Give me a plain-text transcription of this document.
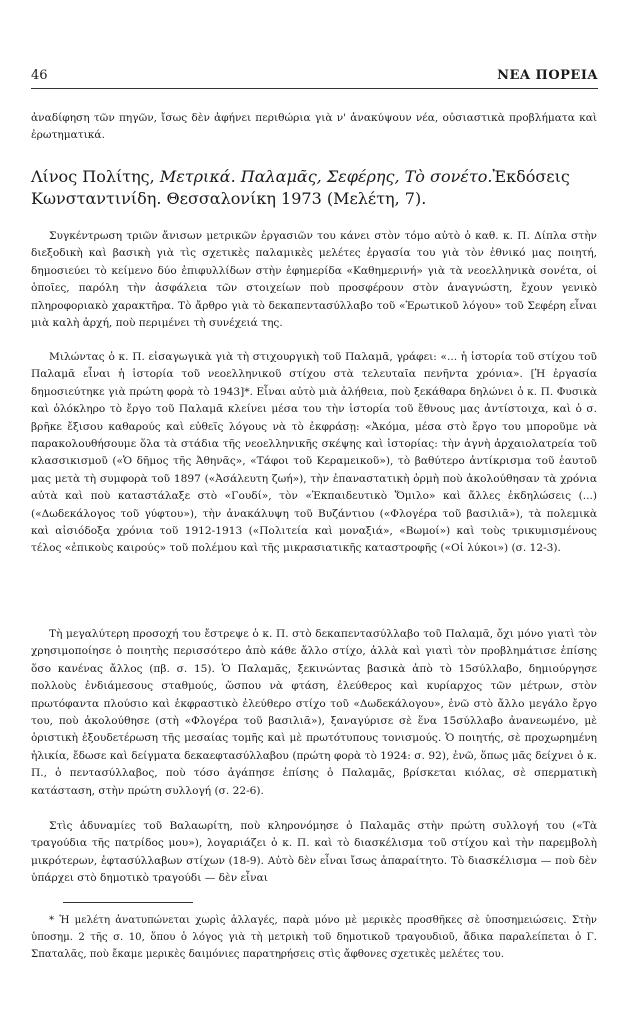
46	ΝΕΑ ΠΟΡΕΙΑ

ἀναδίφηση τῶν πηγῶν, ἴσως δὲν ἀφήνει περιθώρια γιὰ ν' ἀνακύψουν νέα, οὐσιαστικὰ προβλήματα καὶ ἐρωτηματικά.

Λίνος Πολίτης, Μετρικά. Παλαμᾶς, Σεφέρης, Τὸ σονέτο.Ἐκδόσεις Κωνσταντινίδη. Θεσσαλονίκη 1973 (Μελέτη, 7).

Συγκέντρωση τριῶν ἄνισων μετρικῶν ἐργασιῶν του κάνει στὸν τόμο αὐτὸ ὁ καθ. κ. Π. Δίπλα στὴν διεξοδικὴ καὶ βασικὴ γιὰ τὶς σχετικὲς παλαμικὲς μελέτες ἐργασία του γιὰ τὸν ἐθνικό μας ποιητή, δημοσιεύει τὸ κείμενο δύο ἐπιφυλλίδων στὴν ἐφημερίδα «Καθημερινή» γιὰ τὰ νεοελληνικὰ σονέτα, οἱ ὁποῖες, παρόλη τὴν ἀσφάλεια τῶν στοιχείων ποὺ προσφέρουν στὸν ἀναγνώστη, ἔχουν γενικὸ πληροφοριακὸ χαρακτῆρα. Τὸ ἄρθρο γιὰ τὸ δεκαπεντασύλλαβο τοῦ «Ἐρωτικοῦ λόγου» τοῦ Σεφέρη εἶναι μιὰ καλὴ ἀρχή, ποὺ περιμένει τὴ συνέχειά της.

Μιλώντας ὁ κ. Π. εἰσαγωγικὰ γιὰ τὴ στιχουργικὴ τοῦ Παλαμᾶ, γράφει: «... ἡ ἱστορία τοῦ στίχου τοῦ Παλαμᾶ εἶναι ἡ ἱστορία τοῦ νεοελληνικοῦ στίχου στὰ τελευταῖα πενῆντα χρόνια». [Ἡ ἐργασία δημοσιεύτηκε γιὰ πρώτη φορὰ τὸ 1943]*. Εἶναι αὐτὸ μιὰ ἀλήθεια, ποὺ ξεκάθαρα δηλώνει ὁ κ. Π. Φυσικὰ καὶ ὁλόκληρο τὸ ἔργο τοῦ Παλαμᾶ κλείνει μέσα του τὴν ἱστορία τοῦ ἔθνους μας ἀντίστοιχα, καὶ ὁ σ. βρῆκε ἔξισου καθαρούς καὶ εὐθεῖς λόγους νὰ τὸ ἐκφράσῃ: «Ἀκόμα, μέσα στὸ ἔργο του μποροῦμε νὰ παρακολουθήσουμε ὅλα τὰ στάδια τῆς νεοελληνικῆς σκέψης καὶ ἱστορίας: τὴν ἁγνὴ ἀρχαιολατρεία τοῦ κλασσικισμοῦ («Ὁ δῆμος τῆς Ἀθηνᾶς», «Τάφοι τοῦ Κεραμεικοῦ»), τὸ βαθύτερο ἀντίκρισμα τοῦ ἑαυτοῦ μας μετὰ τὴ συμφορὰ τοῦ 1897 («Ἀσάλευτη ζωή»), τὴν ἐπαναστατικὴ ὁρμὴ ποὺ ἀκολούθησαν τὰ χρόνια αὐτὰ καὶ ποὺ καταστάλαξε στὸ «Γουδί», τὸν «Ἐκπαιδευτικὸ Ὅμιλο» καὶ ἄλλες ἐκδηλώσεις (...) («Δωδεκάλογος τοῦ γύφτου»), τὴν ἀνακάλυψη τοῦ Βυζάντιου («Φλογέρα τοῦ βασιλιᾶ»), τὰ πολεμικὰ καὶ αἰσιόδοξα χρόνια τοῦ 1912-1913 («Πολιτεία καὶ μοναξιά», «Βωμοί») καὶ τοὺς τρικυμισμένους τέλος «ἐπικοὺς καιρούς» τοῦ πολέμου καὶ τῆς μικρασιατικῆς καταστροφῆς («Οἱ λύκοι») (σ. 12-3).

Τὴ μεγαλύτερη προσοχή του ἔστρεψε ὁ κ. Π. στὸ δεκαπεντασύλλαβο τοῦ Παλαμᾶ, ὄχι μόνο γιατὶ τὸν χρησιμοποίησε ὁ ποιητὴς περισσότερο ἀπὸ κάθε ἄλλο στίχο, ἀλλὰ καὶ γιατὶ τὸν προβλημάτισε ἐπίσης ὅσο κανένας ἄλλος (πβ. σ. 15). Ὁ Παλαμᾶς, ξεκινώντας βασικὰ ἀπὸ τὸ 15σύλλαβο, δημιούργησε πολλοὺς ἐνδιάμεσους σταθμούς, ὥσπου νὰ φτάση, ἐλεύθερος καὶ κυρίαρχος τῶν μέτρων, στὸν πρωτόφαντα πλούσιο καὶ ἐκφραστικὸ ἐλεύθερο στίχο τοῦ «Δωδεκάλογου», ἐνῶ στὸ ἄλλο μεγάλο ἔργο του, ποὺ ἀκολούθησε (στὴ «Φλογέρα τοῦ βασιλιᾶ»), ξαναγύρισε σὲ ἕνα 15σύλλαβο ἀνανεωμένο, μὲ ὁριστικὴ ἐξουδετέρωση τῆς μεσαίας τομῆς καὶ μὲ πρωτότυπους τονισμούς. Ὁ ποιητής, σὲ προχωρημένη ἡλικία, ἔδωσε καὶ δείγματα δεκαεφτασύλλαβου (πρώτη φορὰ τὸ 1924: σ. 92), ἐνῶ, ὅπως μᾶς δείχνει ὁ κ. Π., ὁ πεντασύλλαβος, ποὺ τόσο ἀγάπησε ἐπίσης ὁ Παλαμᾶς, βρίσκεται κιόλας, σὲ σπερματικὴ κατάσταση, στὴν πρώτη συλλογή (σ. 22-6).

Στὶς ἀδυναμίες τοῦ Βαλαωρίτη, ποὺ κληρονόμησε ὁ Παλαμᾶς στὴν πρώτη συλλογή του («Τὰ τραγούδια τῆς πατρίδος μου»), λογαριάζει ὁ κ. Π. καὶ τὸ διασκέλισμα τοῦ στίχου καὶ τὴν παρεμβολὴ μικρότερων, ἑφτασύλλαβων στίχων (18-9). Αὐτὸ δὲν εἶναι ἴσως ἀπαραίτητο. Τὸ διασκέλισμα — ποὺ δὲν ὑπάρχει στὸ δημοτικὸ τραγούδι — δὲν εἶναι

* Ἡ μελέτη ἀνατυπώνεται χωρὶς ἀλλαγές, παρὰ μόνο μὲ μερικὲς προσθῆκες σὲ ὑποσημειώσεις. Στὴν ὑποσημ. 2 τῆς σ. 10, ὅπου ὁ λόγος γιὰ τὴ μετρικὴ τοῦ δημοτικοῦ τραγουδιοῦ, ἄδικα παραλείπεται ὁ Γ. Σπαταλᾶς, ποὺ ἔκαμε μερικὲς δαιμόνιες παρατηρήσεις στὶς ἄφθονες σχετικὲς μελέτες του.
